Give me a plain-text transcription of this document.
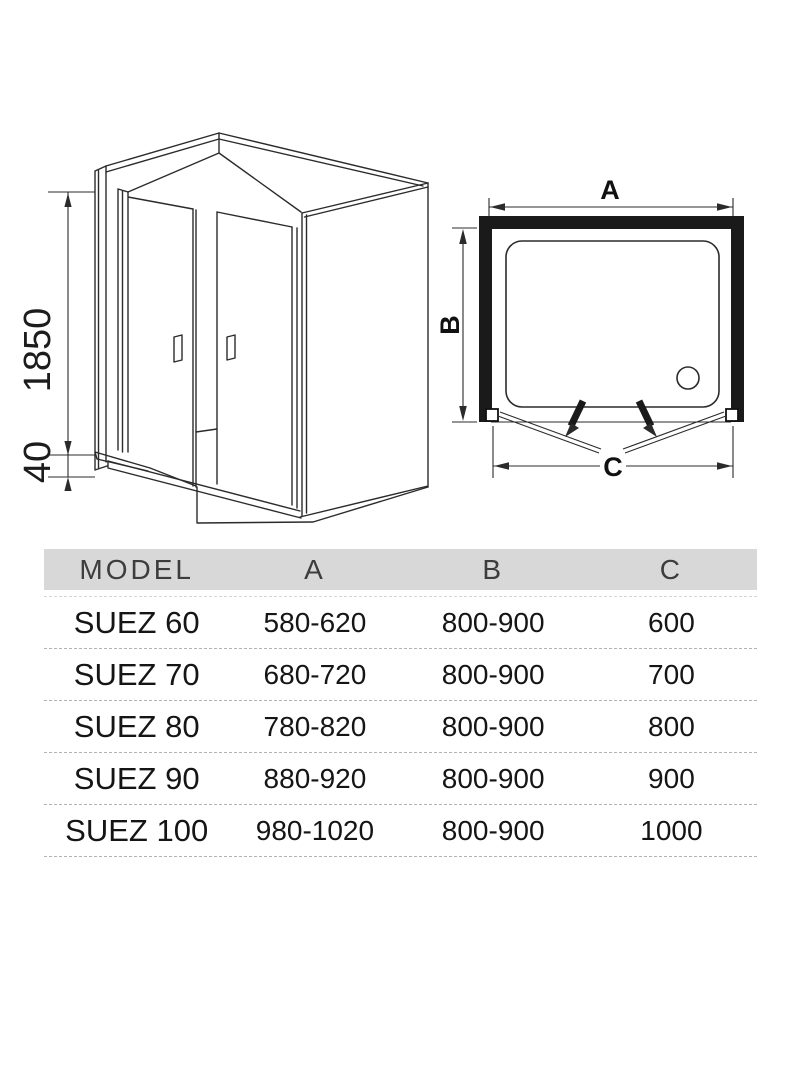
1850
40
A
B
C
MODEL	A	B	C
SUEZ 60	580-620	800-900	600
SUEZ 70	680-720	800-900	700
SUEZ 80	780-820	800-900	800
SUEZ 90	880-920	800-900	900
SUEZ 100	980-1020	800-900	1000
